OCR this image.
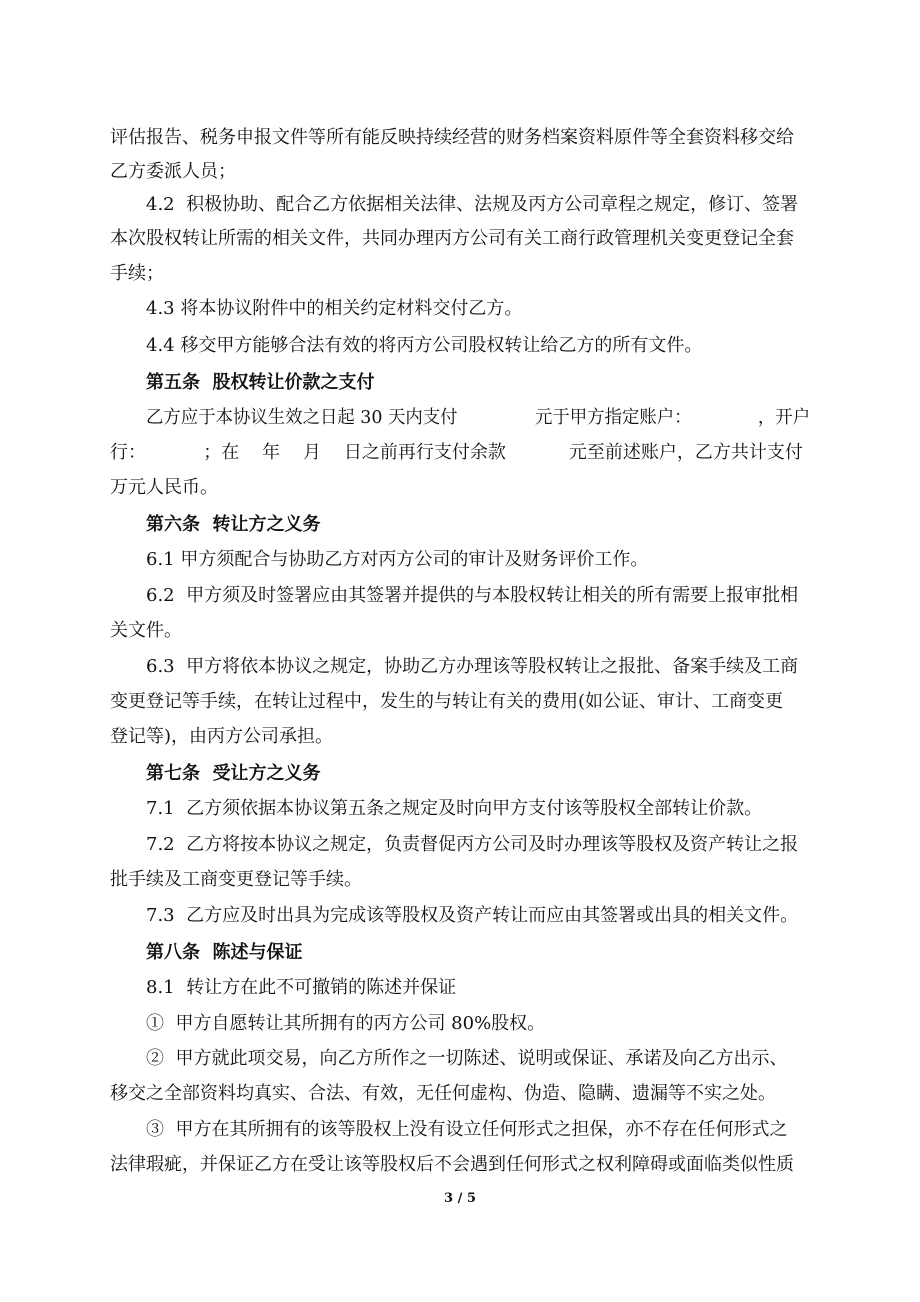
评估报告、税务申报文件等所有能反映持续经营的财务档案资料原件等全套资料移交给
乙方委派人员；
4.2  积极协助、配合乙方依据相关法律、法规及丙方公司章程之规定，修订、签署
本次股权转让所需的相关文件，共同办理丙方公司有关工商行政管理机关变更登记全套
手续；
4.3 将本协议附件中的相关约定材料交付乙方。
4.4 移交甲方能够合法有效的将丙方公司股权转让给乙方的所有文件。
第五条  股权转让价款之支付
乙方应于本协议生效之日起 30 天内支付              元于甲方指定账户：            ，开户
行：          ；在    年    月    日之前再行支付余款           元至前述账户，乙方共计支付
万元人民币。
第六条  转让方之义务
6.1 甲方须配合与协助乙方对丙方公司的审计及财务评价工作。
6.2  甲方须及时签署应由其签署并提供的与本股权转让相关的所有需要上报审批相
关文件。
6.3  甲方将依本协议之规定，协助乙方办理该等股权转让之报批、备案手续及工商
变更登记等手续，在转让过程中，发生的与转让有关的费用(如公证、审计、工商变更
登记等)，由丙方公司承担。
第七条  受让方之义务
7.1  乙方须依据本协议第五条之规定及时向甲方支付该等股权全部转让价款。
7.2  乙方将按本协议之规定，负责督促丙方公司及时办理该等股权及资产转让之报
批手续及工商变更登记等手续。
7.3  乙方应及时出具为完成该等股权及资产转让而应由其签署或出具的相关文件。
第八条  陈述与保证
8.1  转让方在此不可撤销的陈述并保证
①  甲方自愿转让其所拥有的丙方公司 80%股权。
②  甲方就此项交易，向乙方所作之一切陈述、说明或保证、承诺及向乙方出示、
移交之全部资料均真实、合法、有效，无任何虚构、伪造、隐瞒、遗漏等不实之处。
③  甲方在其所拥有的该等股权上没有设立任何形式之担保，亦不存在任何形式之
法律瑕疵，并保证乙方在受让该等股权后不会遇到任何形式之权利障碍或面临类似性质
3 / 5
